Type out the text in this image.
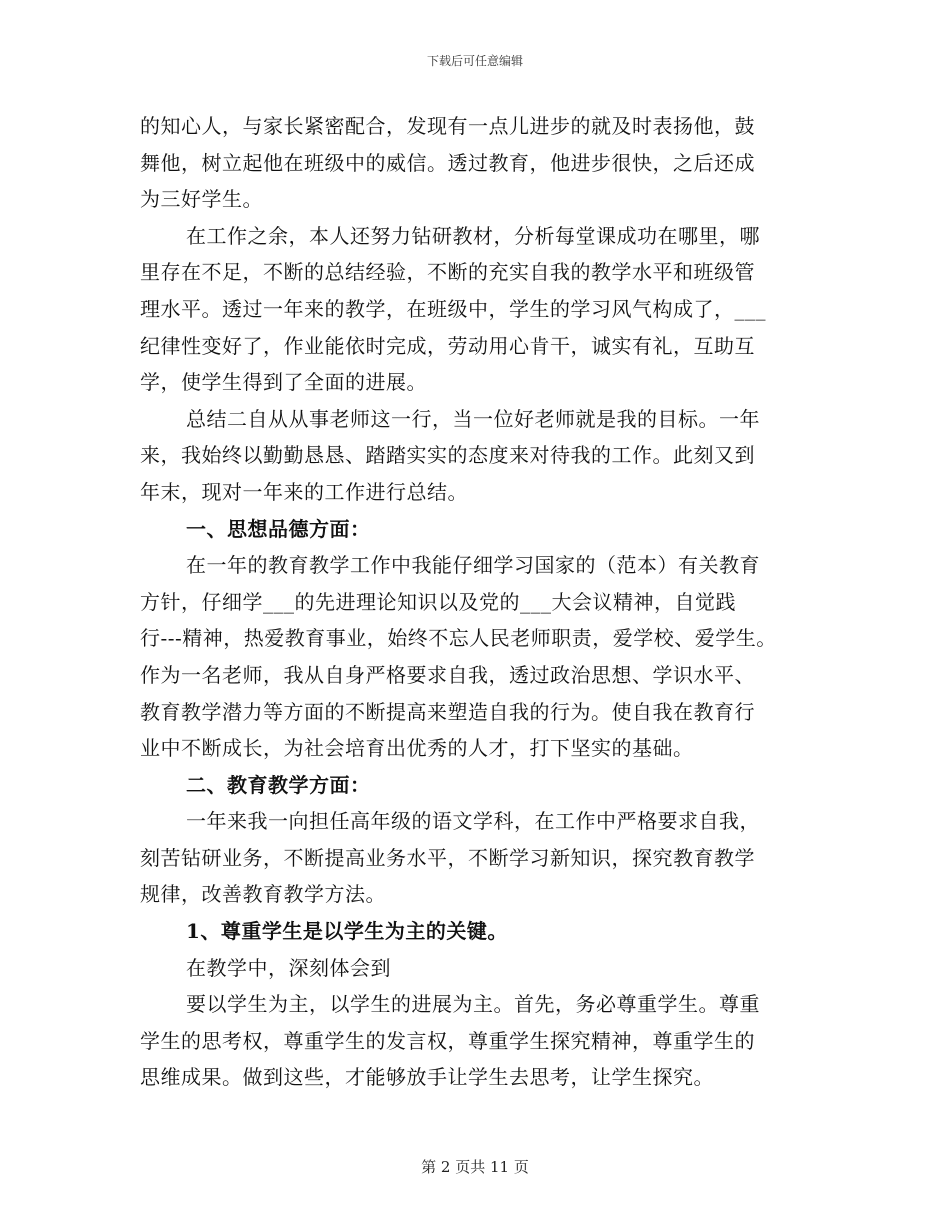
下载后可任意编辑
的知心人，与家长紧密配合，发现有一点儿进步的就及时表扬他，鼓
舞他，树立起他在班级中的威信。透过教育，他进步很快，之后还成
为三好学生。
在工作之余，本人还努力钻研教材，分析每堂课成功在哪里，哪
里存在不足，不断的总结经验，不断的充实自我的教学水平和班级管
理水平。透过一年来的教学，在班级中，学生的学习风气构成了，___
纪律性变好了，作业能依时完成，劳动用心肯干，诚实有礼，互助互
学，使学生得到了全面的进展。
总结二自从从事老师这一行，当一位好老师就是我的目标。一年
来，我始终以勤勤恳恳、踏踏实实的态度来对待我的工作。此刻又到
年末，现对一年来的工作进行总结。
一、思想品德方面：
在一年的教育教学工作中我能仔细学习国家的（范本）有关教育
方针，仔细学___的先进理论知识以及党的___大会议精神，自觉践
行---精神，热爱教育事业，始终不忘人民老师职责，爱学校、爱学生。
作为一名老师，我从自身严格要求自我，透过政治思想、学识水平、
教育教学潜力等方面的不断提高来塑造自我的行为。使自我在教育行
业中不断成长，为社会培育出优秀的人才，打下坚实的基础。
二、教育教学方面：
一年来我一向担任高年级的语文学科，在工作中严格要求自我，
刻苦钻研业务，不断提高业务水平，不断学习新知识，探究教育教学
规律，改善教育教学方法。
1、尊重学生是以学生为主的关键。
在教学中，深刻体会到
要以学生为主，以学生的进展为主。首先，务必尊重学生。尊重
学生的思考权，尊重学生的发言权，尊重学生探究精神，尊重学生的
思维成果。做到这些，才能够放手让学生去思考，让学生探究。
第 2 页共 11 页
